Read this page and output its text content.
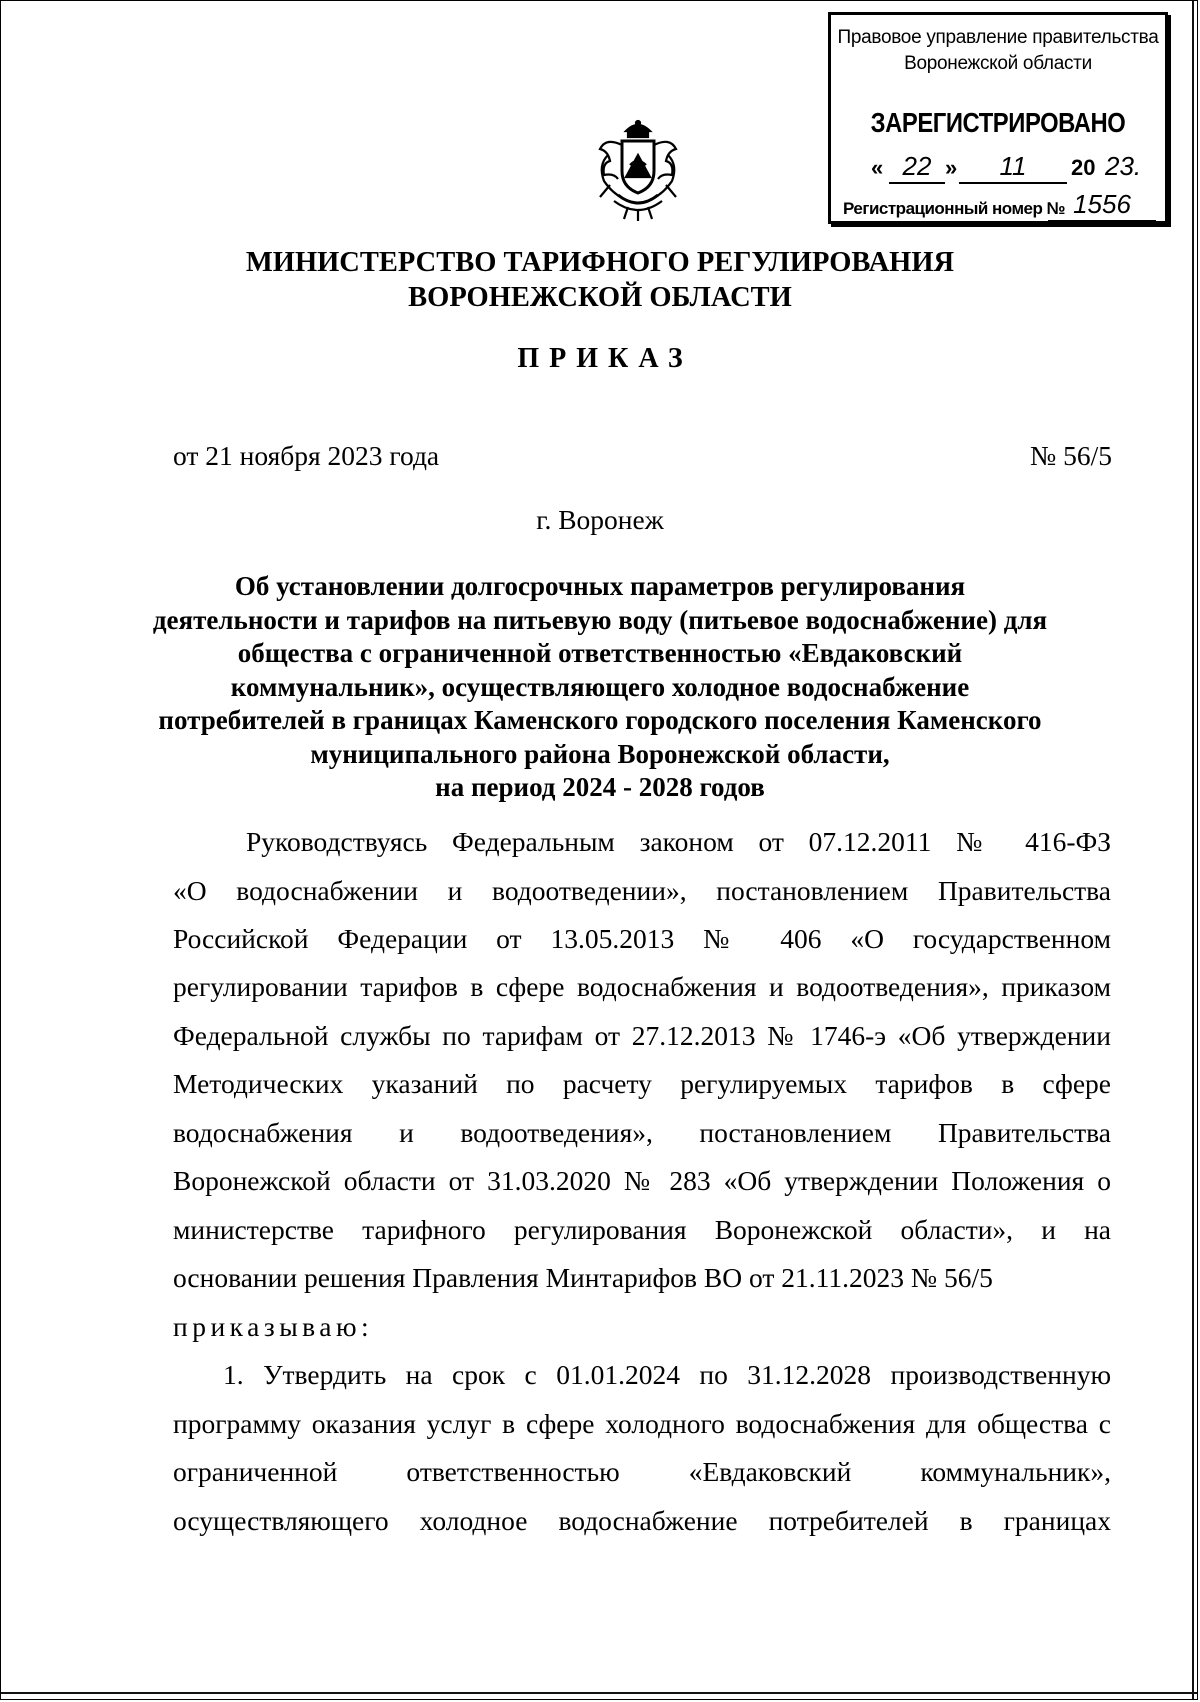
Правовое управление правительства
Воронежской области
ЗАРЕГИСТРИРОВАНО
« 22 »	11	20 23.
Регистрационный номер № 1556
МИНИСТЕРСТВО ТАРИФНОГО РЕГУЛИРОВАНИЯ
ВОРОНЕЖСКОЙ ОБЛАСТИ
ПРИКАЗ
от 21 ноября 2023 года	№ 56/5
г. Воронеж
Об установлении долгосрочных параметров регулирования
деятельности и тарифов на питьевую воду (питьевое водоснабжение) для
общества с ограниченной ответственностью «Евдаковский
коммунальник», осуществляющего холодное водоснабжение
потребителей в границах Каменского городского поселения Каменского
муниципального района Воронежской области,
на период 2024 - 2028 годов
Руководствуясь Федеральным законом от 07.12.2011 № 416-ФЗ
«О водоснабжении и водоотведении», постановлением Правительства
Российской Федерации от 13.05.2013 № 406 «О государственном
регулировании тарифов в сфере водоснабжения и водоотведения», приказом
Федеральной службы по тарифам от 27.12.2013 № 1746-э «Об утверждении
Методических указаний по расчету регулируемых тарифов в сфере
водоснабжения и водоотведения», постановлением Правительства
Воронежской области от 31.03.2020 № 283 «Об утверждении Положения о
министерстве тарифного регулирования Воронежской области», и на
основании решения Правления Минтарифов ВО от 21.11.2023 № 56/5
приказываю:
1. Утвердить на срок с 01.01.2024 по 31.12.2028 производственную
программу оказания услуг в сфере холодного водоснабжения для общества с
ограниченной ответственностью «Евдаковский коммунальник»,
осуществляющего холодное водоснабжение потребителей в границах
